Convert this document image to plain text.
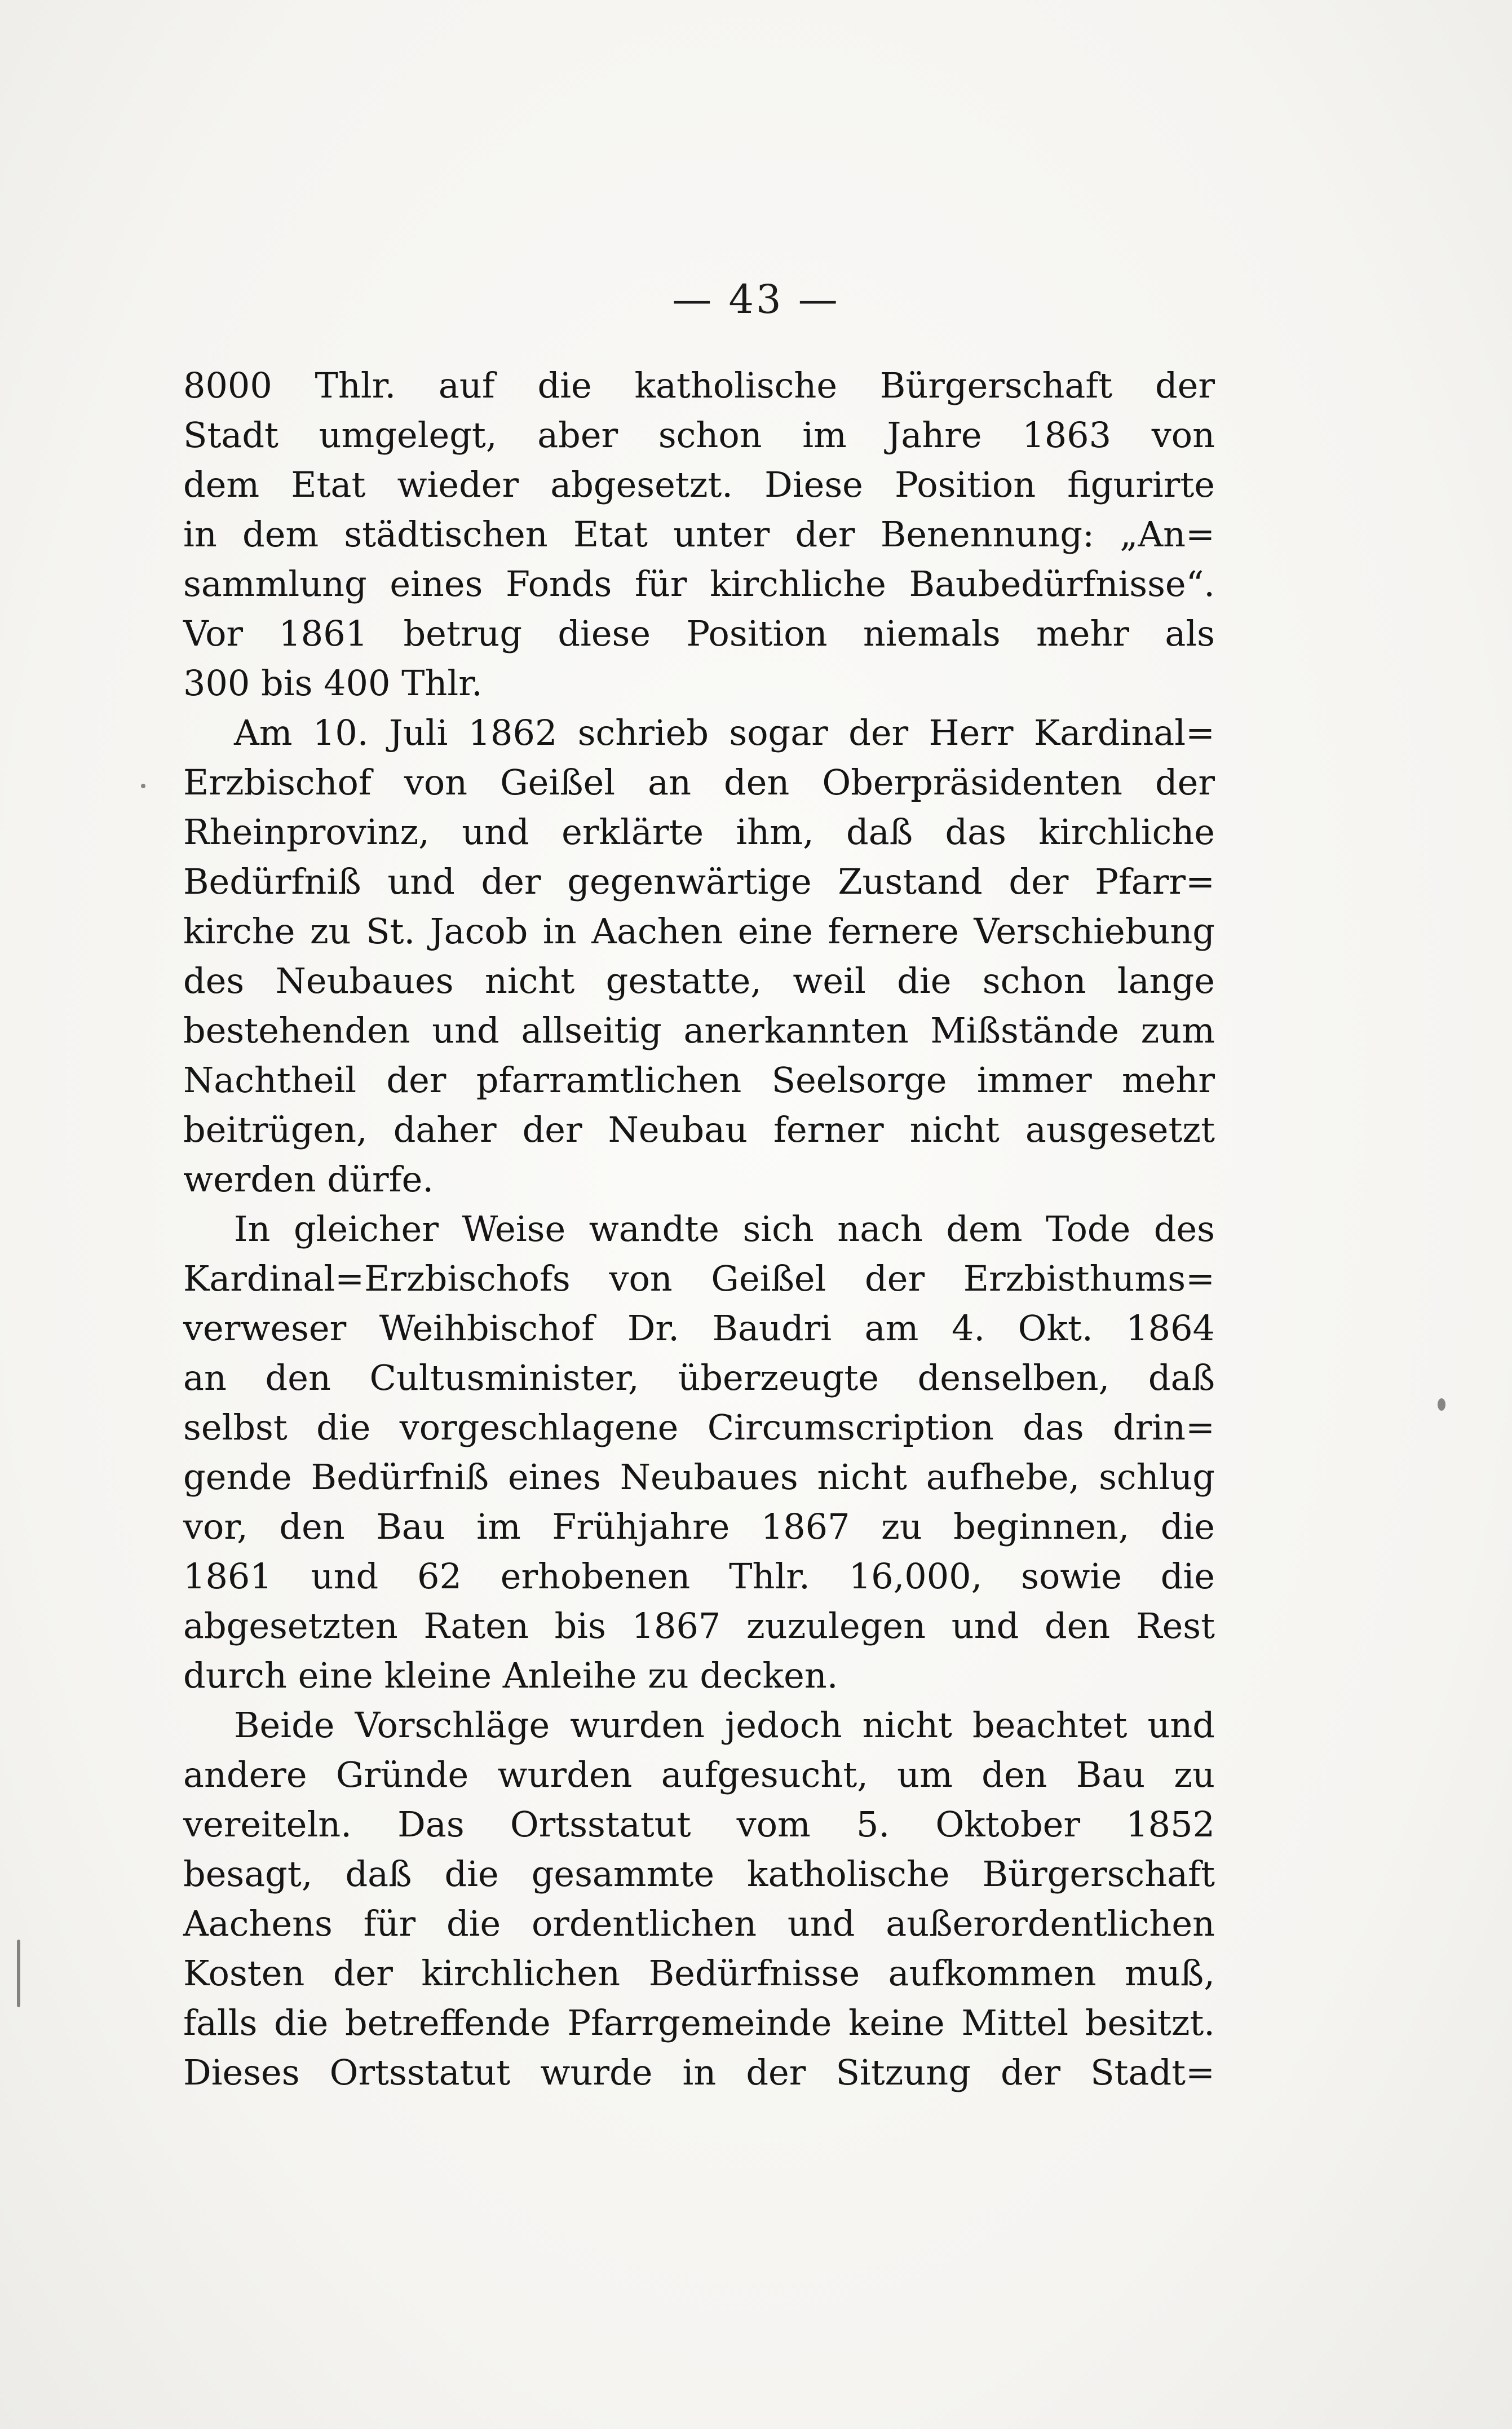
— 43 —
8000 Thlr. auf die katholische Bürgerschaft der
Stadt umgelegt, aber schon im Jahre 1863 von
dem Etat wieder abgesetzt. Diese Position figurirte
in dem städtischen Etat unter der Benennung: „An=
sammlung eines Fonds für kirchliche Baubedürfnisse“.
Vor 1861 betrug diese Position niemals mehr als
300 bis 400 Thlr.
Am 10. Juli 1862 schrieb sogar der Herr Kardinal=
Erzbischof von Geißel an den Oberpräsidenten der
Rheinprovinz, und erklärte ihm, daß das kirchliche
Bedürfniß und der gegenwärtige Zustand der Pfarr=
kirche zu St. Jacob in Aachen eine fernere Verschiebung
des Neubaues nicht gestatte, weil die schon lange
bestehenden und allseitig anerkannten Mißstände zum
Nachtheil der pfarramtlichen Seelsorge immer mehr
beitrügen, daher der Neubau ferner nicht ausgesetzt
werden dürfe.
In gleicher Weise wandte sich nach dem Tode des
Kardinal=Erzbischofs von Geißel der Erzbisthums=
verweser Weihbischof Dr. Baudri am 4. Okt. 1864
an den Cultusminister, überzeugte denselben, daß
selbst die vorgeschlagene Circumscription das drin=
gende Bedürfniß eines Neubaues nicht aufhebe, schlug
vor, den Bau im Frühjahre 1867 zu beginnen, die
1861 und 62 erhobenen Thlr. 16,000, sowie die
abgesetzten Raten bis 1867 zuzulegen und den Rest
durch eine kleine Anleihe zu decken.
Beide Vorschläge wurden jedoch nicht beachtet und
andere Gründe wurden aufgesucht, um den Bau zu
vereiteln. Das Ortsstatut vom 5. Oktober 1852
besagt, daß die gesammte katholische Bürgerschaft
Aachens für die ordentlichen und außerordentlichen
Kosten der kirchlichen Bedürfnisse aufkommen muß,
falls die betreffende Pfarrgemeinde keine Mittel besitzt.
Dieses Ortsstatut wurde in der Sitzung der Stadt=
